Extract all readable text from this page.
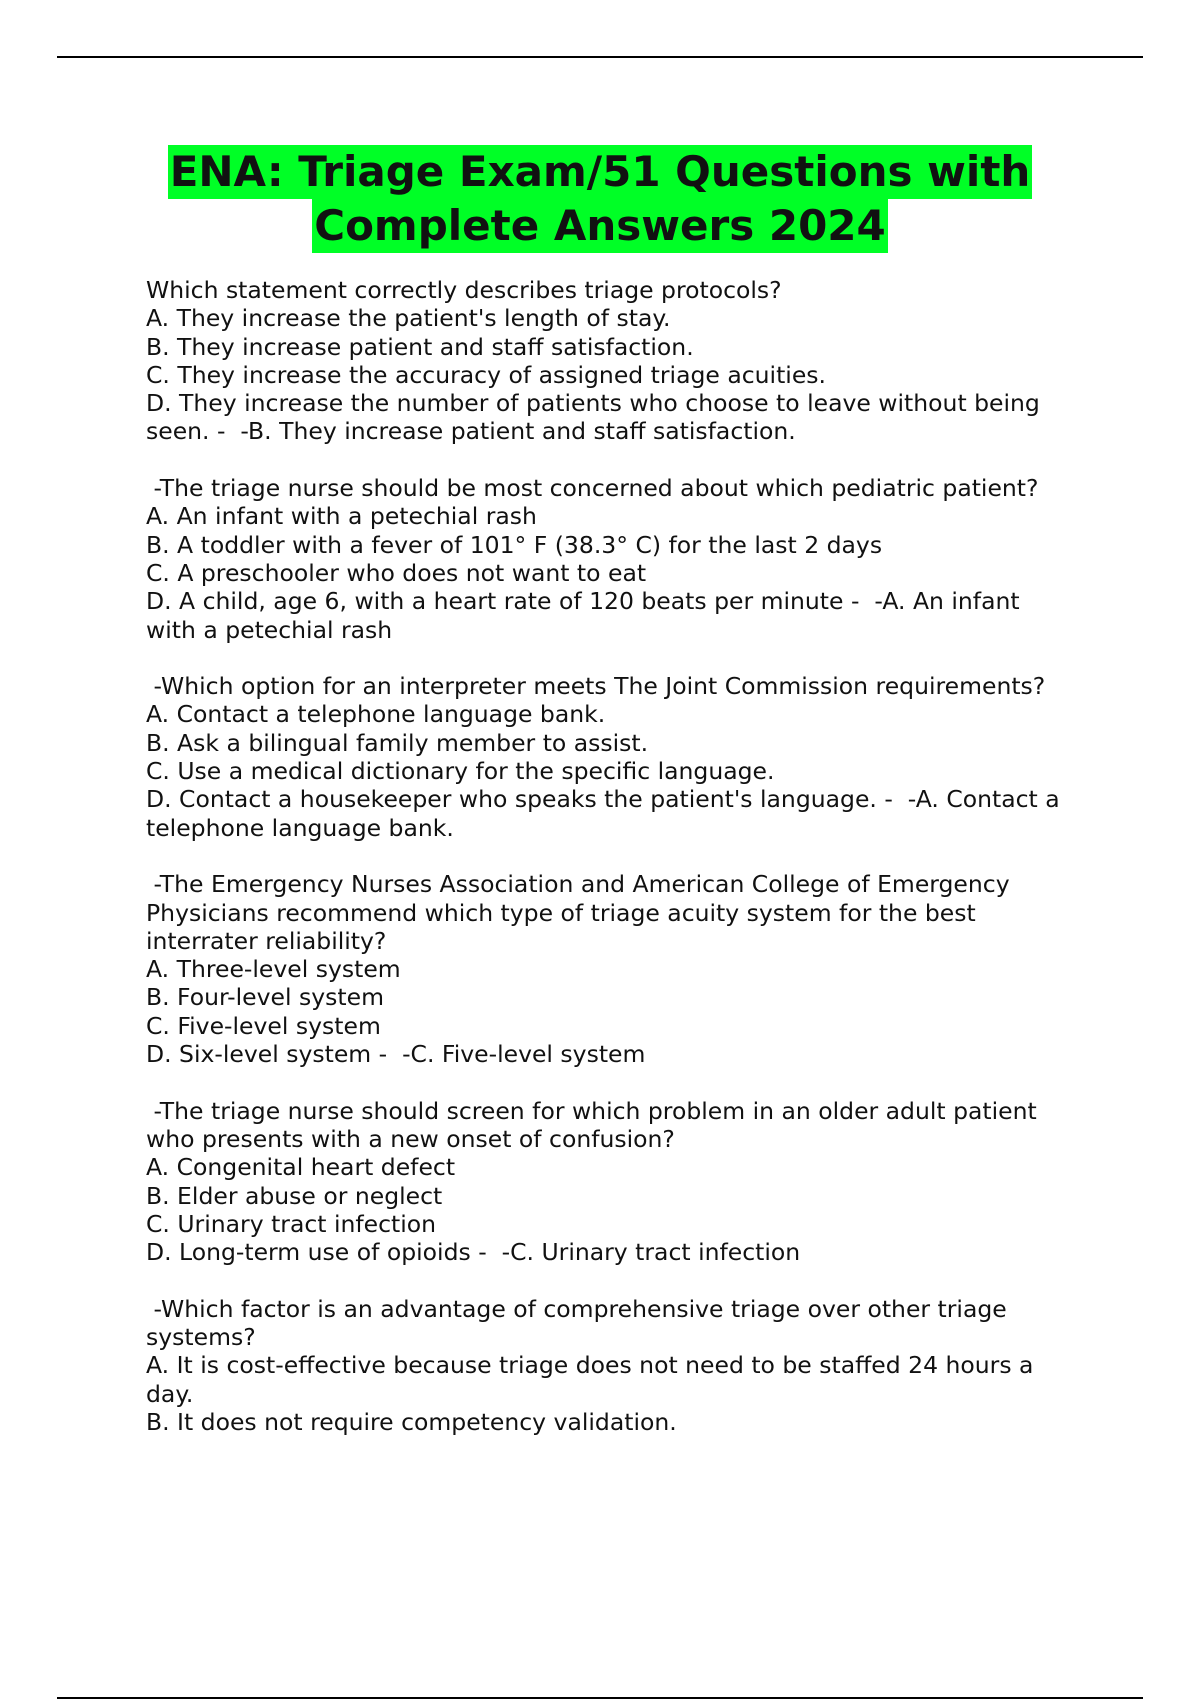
ENA: Triage Exam/51 Questions with
Complete Answers 2024
Which statement correctly describes triage protocols?
A. They increase the patient's length of stay.
B. They increase patient and staff satisfaction.
C. They increase the accuracy of assigned triage acuities.
D. They increase the number of patients who choose to leave without being
seen. -  -B. They increase patient and staff satisfaction.
-The triage nurse should be most concerned about which pediatric patient?
A. An infant with a petechial rash
B. A toddler with a fever of 101° F (38.3° C) for the last 2 days
C. A preschooler who does not want to eat
D. A child, age 6, with a heart rate of 120 beats per minute -  -A. An infant
with a petechial rash
-Which option for an interpreter meets The Joint Commission requirements?
A. Contact a telephone language bank.
B. Ask a bilingual family member to assist.
C. Use a medical dictionary for the specific language.
D. Contact a housekeeper who speaks the patient's language. -  -A. Contact a
telephone language bank.
-The Emergency Nurses Association and American College of Emergency
Physicians recommend which type of triage acuity system for the best
interrater reliability?
A. Three-level system
B. Four-level system
C. Five-level system
D. Six-level system -  -C. Five-level system
-The triage nurse should screen for which problem in an older adult patient
who presents with a new onset of confusion?
A. Congenital heart defect
B. Elder abuse or neglect
C. Urinary tract infection
D. Long-term use of opioids -  -C. Urinary tract infection
-Which factor is an advantage of comprehensive triage over other triage
systems?
A. It is cost-effective because triage does not need to be staffed 24 hours a
day.
B. It does not require competency validation.
